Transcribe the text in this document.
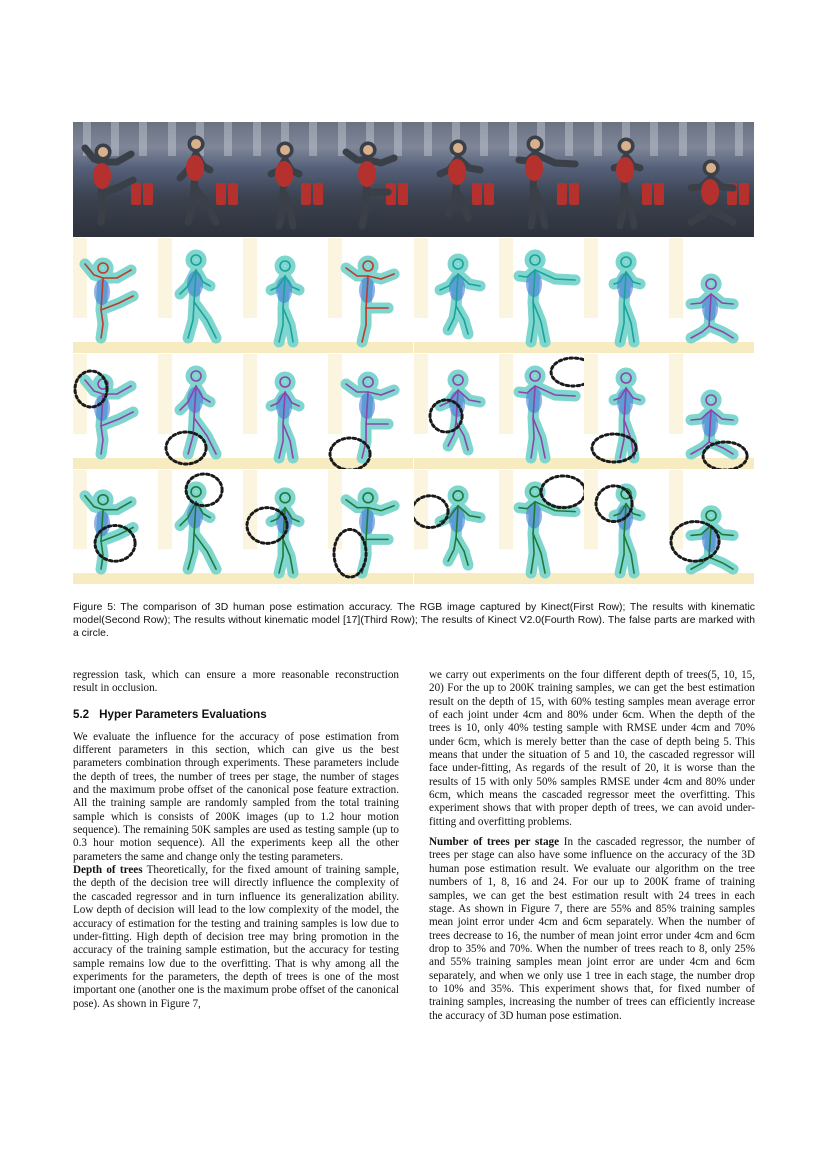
Figure 5: The comparison of 3D human pose estimation accuracy. The RGB image captured by Kinect(First Row); The results with kinematic model(Second Row); The results without kinematic model [17](Third Row); The results of Kinect V2.0(Fourth Row). The false parts are marked with a circle.

regression task, which can ensure a more reasonable reconstruction result in occlusion.

5.2 Hyper Parameters Evaluations

We evaluate the influence for the accuracy of pose estimation from different parameters in this section, which can give us the best parameters combination through experiments. These parameters include the depth of trees, the number of trees per stage, the number of stages and the maximum probe offset of the canonical pose feature extraction. All the training sample are randomly sampled from the total training sample which is consists of 200K images (up to 1.2 hour motion sequence). The remaining 50K samples are used as testing sample (up to 0.3 hour motion sequence). All the experiments keep all the other parameters the same and change only the testing parameters.

Depth of trees Theoretically, for the fixed amount of training sample, the depth of the decision tree will directly influence the complexity of the cascaded regressor and in turn influence its generalization ability. Low depth of decision will lead to the low complexity of the model, the accuracy of estimation for the testing and training samples is low due to under-fitting. High depth of decision tree may bring promotion in the accuracy of the training sample estimation, but the accuracy for testing sample remains low due to the overfitting. That is why among all the experiments for the parameters, the depth of trees is one of the most important one (another one is the maximum probe offset of the canonical pose). As shown in Figure 7,

we carry out experiments on the four different depth of trees(5, 10, 15, 20) For the up to 200K training samples, we can get the best estimation result on the depth of 15, with 60% testing samples mean average error of each joint under 4cm and 80% under 6cm. When the depth of the trees is 10, only 40% testing sample with RMSE under 4cm and 70% under 6cm, which is merely better than the case of depth being 5. This means that under the situation of 5 and 10, the cascaded regressor will face under-fitting, As regards of the result of 20, it is worse than the results of 15 with only 50% samples RMSE under 4cm and 80% under 6cm, which means the cascaded regressor meet the overfitting. This experiment shows that with proper depth of trees, we can avoid under-fitting and overfitting problems.

Number of trees per stage In the cascaded regressor, the number of trees per stage can also have some influence on the accuracy of the 3D human pose estimation result. We evaluate our algorithm on the tree numbers of 1, 8, 16 and 24. For our up to 200K frame of training samples, we can get the best estimation result with 24 trees in each stage. As shown in Figure 7, there are 55% and 85% training samples mean joint error under 4cm and 6cm separately. When the number of trees decrease to 16, the number of mean joint error under 4cm and 6cm drop to 35% and 70%. When the number of trees reach to 8, only 25% and 55% training samples mean joint error are under 4cm and 6cm separately, and when we only use 1 tree in each stage, the number drop to 10% and 35%. This experiment shows that, for fixed number of training samples, increasing the number of trees can efficiently increase the accuracy of 3D human pose estimation.
